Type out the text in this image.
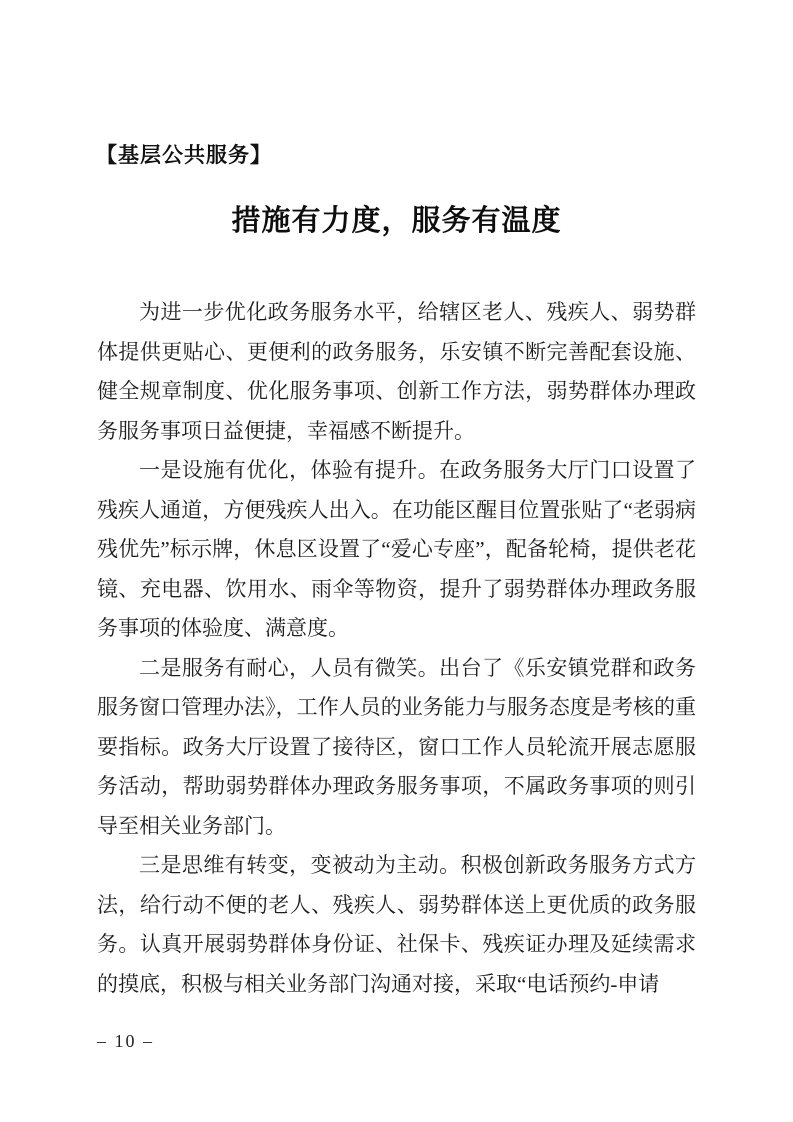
【基层公共服务】
措施有力度，服务有温度

为进一步优化政务服务水平，给辖区老人、残疾人、弱势群体提供更贴心、更便利的政务服务，乐安镇不断完善配套设施、健全规章制度、优化服务事项、创新工作方法，弱势群体办理政务服务事项日益便捷，幸福感不断提升。

一是设施有优化，体验有提升。在政务服务大厅门口设置了残疾人通道，方便残疾人出入。在功能区醒目位置张贴了“老弱病残优先”标示牌，休息区设置了“爱心专座”，配备轮椅，提供老花镜、充电器、饮用水、雨伞等物资，提升了弱势群体办理政务服务事项的体验度、满意度。

二是服务有耐心，人员有微笑。出台了《乐安镇党群和政务服务窗口管理办法》，工作人员的业务能力与服务态度是考核的重要指标。政务大厅设置了接待区，窗口工作人员轮流开展志愿服务活动，帮助弱势群体办理政务服务事项，不属政务事项的则引导至相关业务部门。

三是思维有转变，变被动为主动。积极创新政务服务方式方法，给行动不便的老人、残疾人、弱势群体送上更优质的政务服务。认真开展弱势群体身份证、社保卡、残疾证办理及延续需求的摸底，积极与相关业务部门沟通对接，采取“电话预约-申请

– 10 –
